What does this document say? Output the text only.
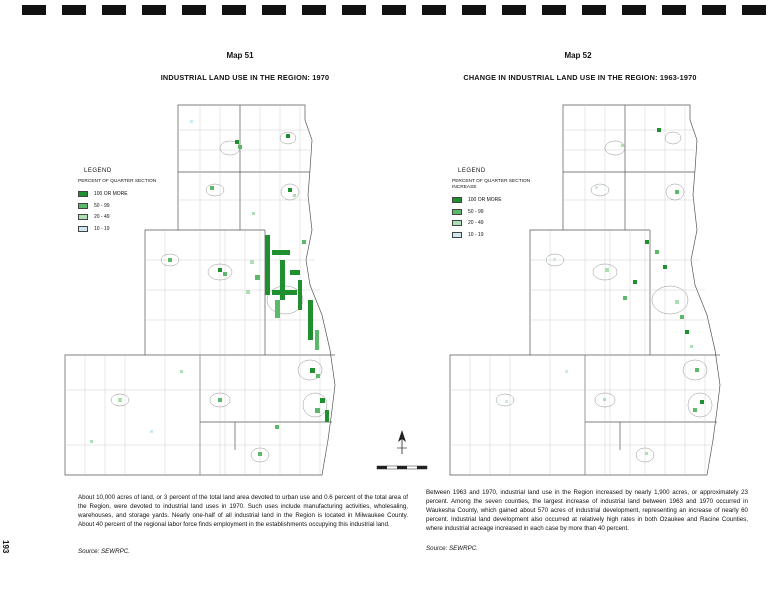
Map 51
INDUSTRIAL LAND USE IN THE REGION: 1970
LEGEND
PERCENT OF QUARTER SECTION
100 OR MORE
50 - 99
20 - 49
10 - 19
About 10,000 acres of land, or 3 percent of the total land area devoted to urban use and 0.6 percent of the total area of the Region, were devoted to industrial land uses in 1970. Such uses include manufacturing activities, wholesaling, warehouses, and storage yards. Nearly one-half of all industrial land in the Region is located in Milwaukee County. About 40 percent of the regional labor force finds employment in the establishments occupying this industrial land.
Source: SEWRPC.
Map 52
CHANGE IN INDUSTRIAL LAND USE IN THE REGION: 1963-1970
LEGEND
PERCENT OF QUARTER SECTION INCREASE
100 OR MORE
50 - 99
20 - 49
10 - 19
Between 1963 and 1970, industrial land use in the Region increased by nearly 1,900 acres, or approximately 23 percent. Among the seven counties, the largest increase of industrial land between 1963 and 1970 occurred in Waukesha County, which gained about 570 acres of industrial development, representing an increase of nearly 60 percent. Industrial land development also occurred at relatively high rates in both Ozaukee and Racine Counties, where industrial acreage increased in each case by more than 40 percent.
Source: SEWRPC.
193
